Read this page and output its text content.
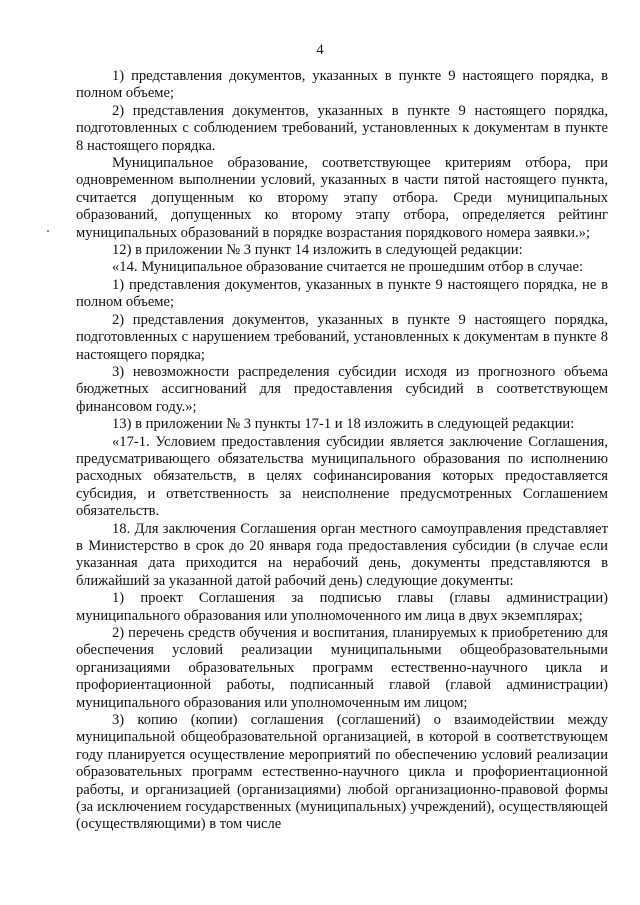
4

1) представления документов, указанных в пункте 9 настоящего порядка, в полном объеме;

2) представления документов, указанных в пункте 9 настоящего порядка, подготовленных с соблюдением требований, установленных к документам в пункте 8 настоящего порядка.

Муниципальное образование, соответствующее критериям отбора, при одновременном выполнении условий, указанных в части пятой настоящего пункта, считается допущенным ко второму этапу отбора. Среди муниципальных образований, допущенных ко второму этапу отбора, определяется рейтинг муниципальных образований в порядке возрастания порядкового номера заявки.»;

12) в приложении № 3 пункт 14 изложить в следующей редакции:

«14. Муниципальное образование считается не прошедшим отбор в случае:

1) представления документов, указанных в пункте 9 настоящего порядка, не в полном объеме;

2) представления документов, указанных в пункте 9 настоящего порядка, подготовленных с нарушением требований, установленных к документам в пункте 8 настоящего порядка;

3) невозможности распределения субсидии исходя из прогнозного объема бюджетных ассигнований для предоставления субсидий в соответствующем финансовом году.»;

13) в приложении № 3 пункты 17-1 и 18 изложить в следующей редакции:

«17-1. Условием предоставления субсидии является заключение Соглашения, предусматривающего обязательства муниципального образования по исполнению расходных обязательств, в целях софинансирования которых предоставляется субсидия, и ответственность за неисполнение предусмотренных Соглашением обязательств.

18. Для заключения Соглашения орган местного самоуправления представляет в Министерство в срок до 20 января года предоставления субсидии (в случае если указанная дата приходится на нерабочий день, документы представляются в ближайший за указанной датой рабочий день) следующие документы:

1) проект Соглашения за подписью главы (главы администрации) муниципального образования или уполномоченного им лица в двух экземплярах;

2) перечень средств обучения и воспитания, планируемых к приобретению для обеспечения условий реализации муниципальными общеобразовательными организациями образовательных программ естественно-научного цикла и профориентационной работы, подписанный главой (главой администрации) муниципального образования или уполномоченным им лицом;

3) копию (копии) соглашения (соглашений) о взаимодействии между муниципальной общеобразовательной организацией, в которой в соответствующем году планируется осуществление мероприятий по обеспечению условий реализации образовательных программ естественно-научного цикла и профориентационной работы, и организацией (организациями) любой организационно-правовой формы (за исключением государственных (муниципальных) учреждений), осуществляющей (осуществляющими) в том числе
